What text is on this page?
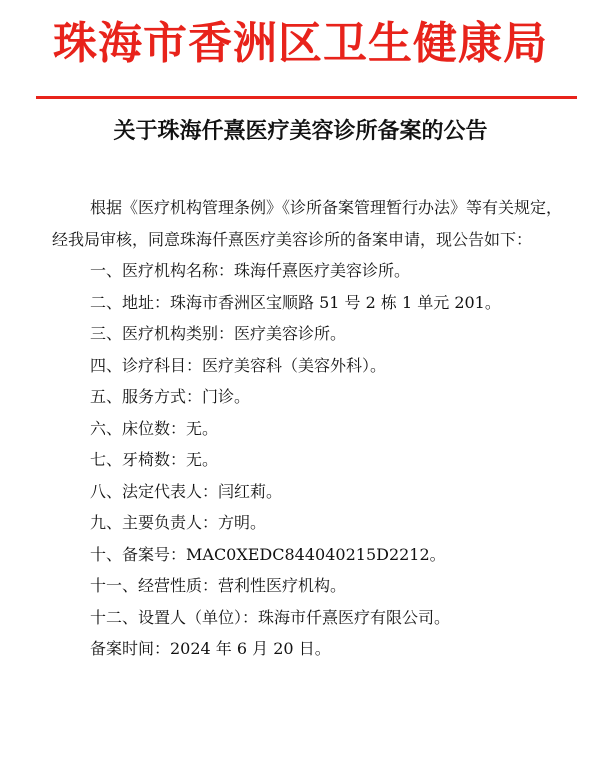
珠海市香洲区卫生健康局
关于珠海仟熹医疗美容诊所备案的公告

根据《医疗机构管理条例》《诊所备案管理暂行办法》等有关规定，经我局审核，同意珠海仟熹医疗美容诊所的备案申请，现公告如下：

一、医疗机构名称：珠海仟熹医疗美容诊所。

二、地址：珠海市香洲区宝顺路 51 号 2 栋 1 单元 201。

三、医疗机构类别：医疗美容诊所。

四、诊疗科目：医疗美容科（美容外科）。

五、服务方式：门诊。

六、床位数：无。

七、牙椅数：无。

八、法定代表人：闫红莉。

九、主要负责人：方明。

十、备案号：MAC0XEDC844040215D2212。

十一、经营性质：营利性医疗机构。

十二、设置人（单位）：珠海市仟熹医疗有限公司。

备案时间：2024 年 6 月 20 日。
